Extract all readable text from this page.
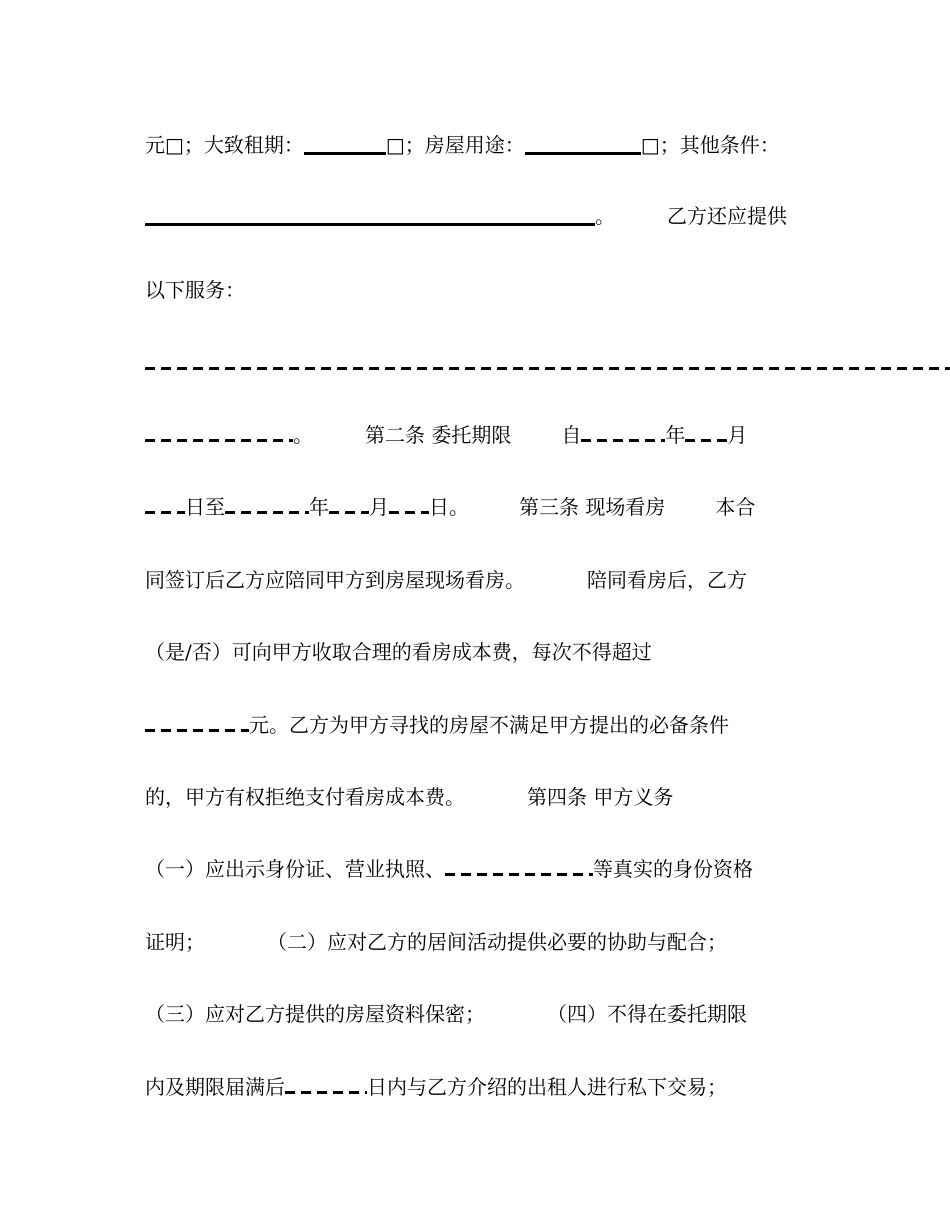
元□；大致租期：	□；房屋用途：	□；其他条件：
。	乙方还应提供
以下服务：
。	第二条 委托期限	自	年 月
日至	年 月 日。	第三条 现场看房	本合
同签订后乙方应陪同甲方到房屋现场看房。	陪同看房后，乙方
（是/否）可向甲方收取合理的看房成本费，每次不得超过
元。乙方为甲方寻找的房屋不满足甲方提出的必备条件
的，甲方有权拒绝支付看房成本费。	第四条 甲方义务
（一）应出示身份证、营业执照、	等真实的身份资格
证明；	（二）应对乙方的居间活动提供必要的协助与配合；
（三）应对乙方提供的房屋资料保密；	（四）不得在委托期限
内及期限届满后	日内与乙方介绍的出租人进行私下交易；
